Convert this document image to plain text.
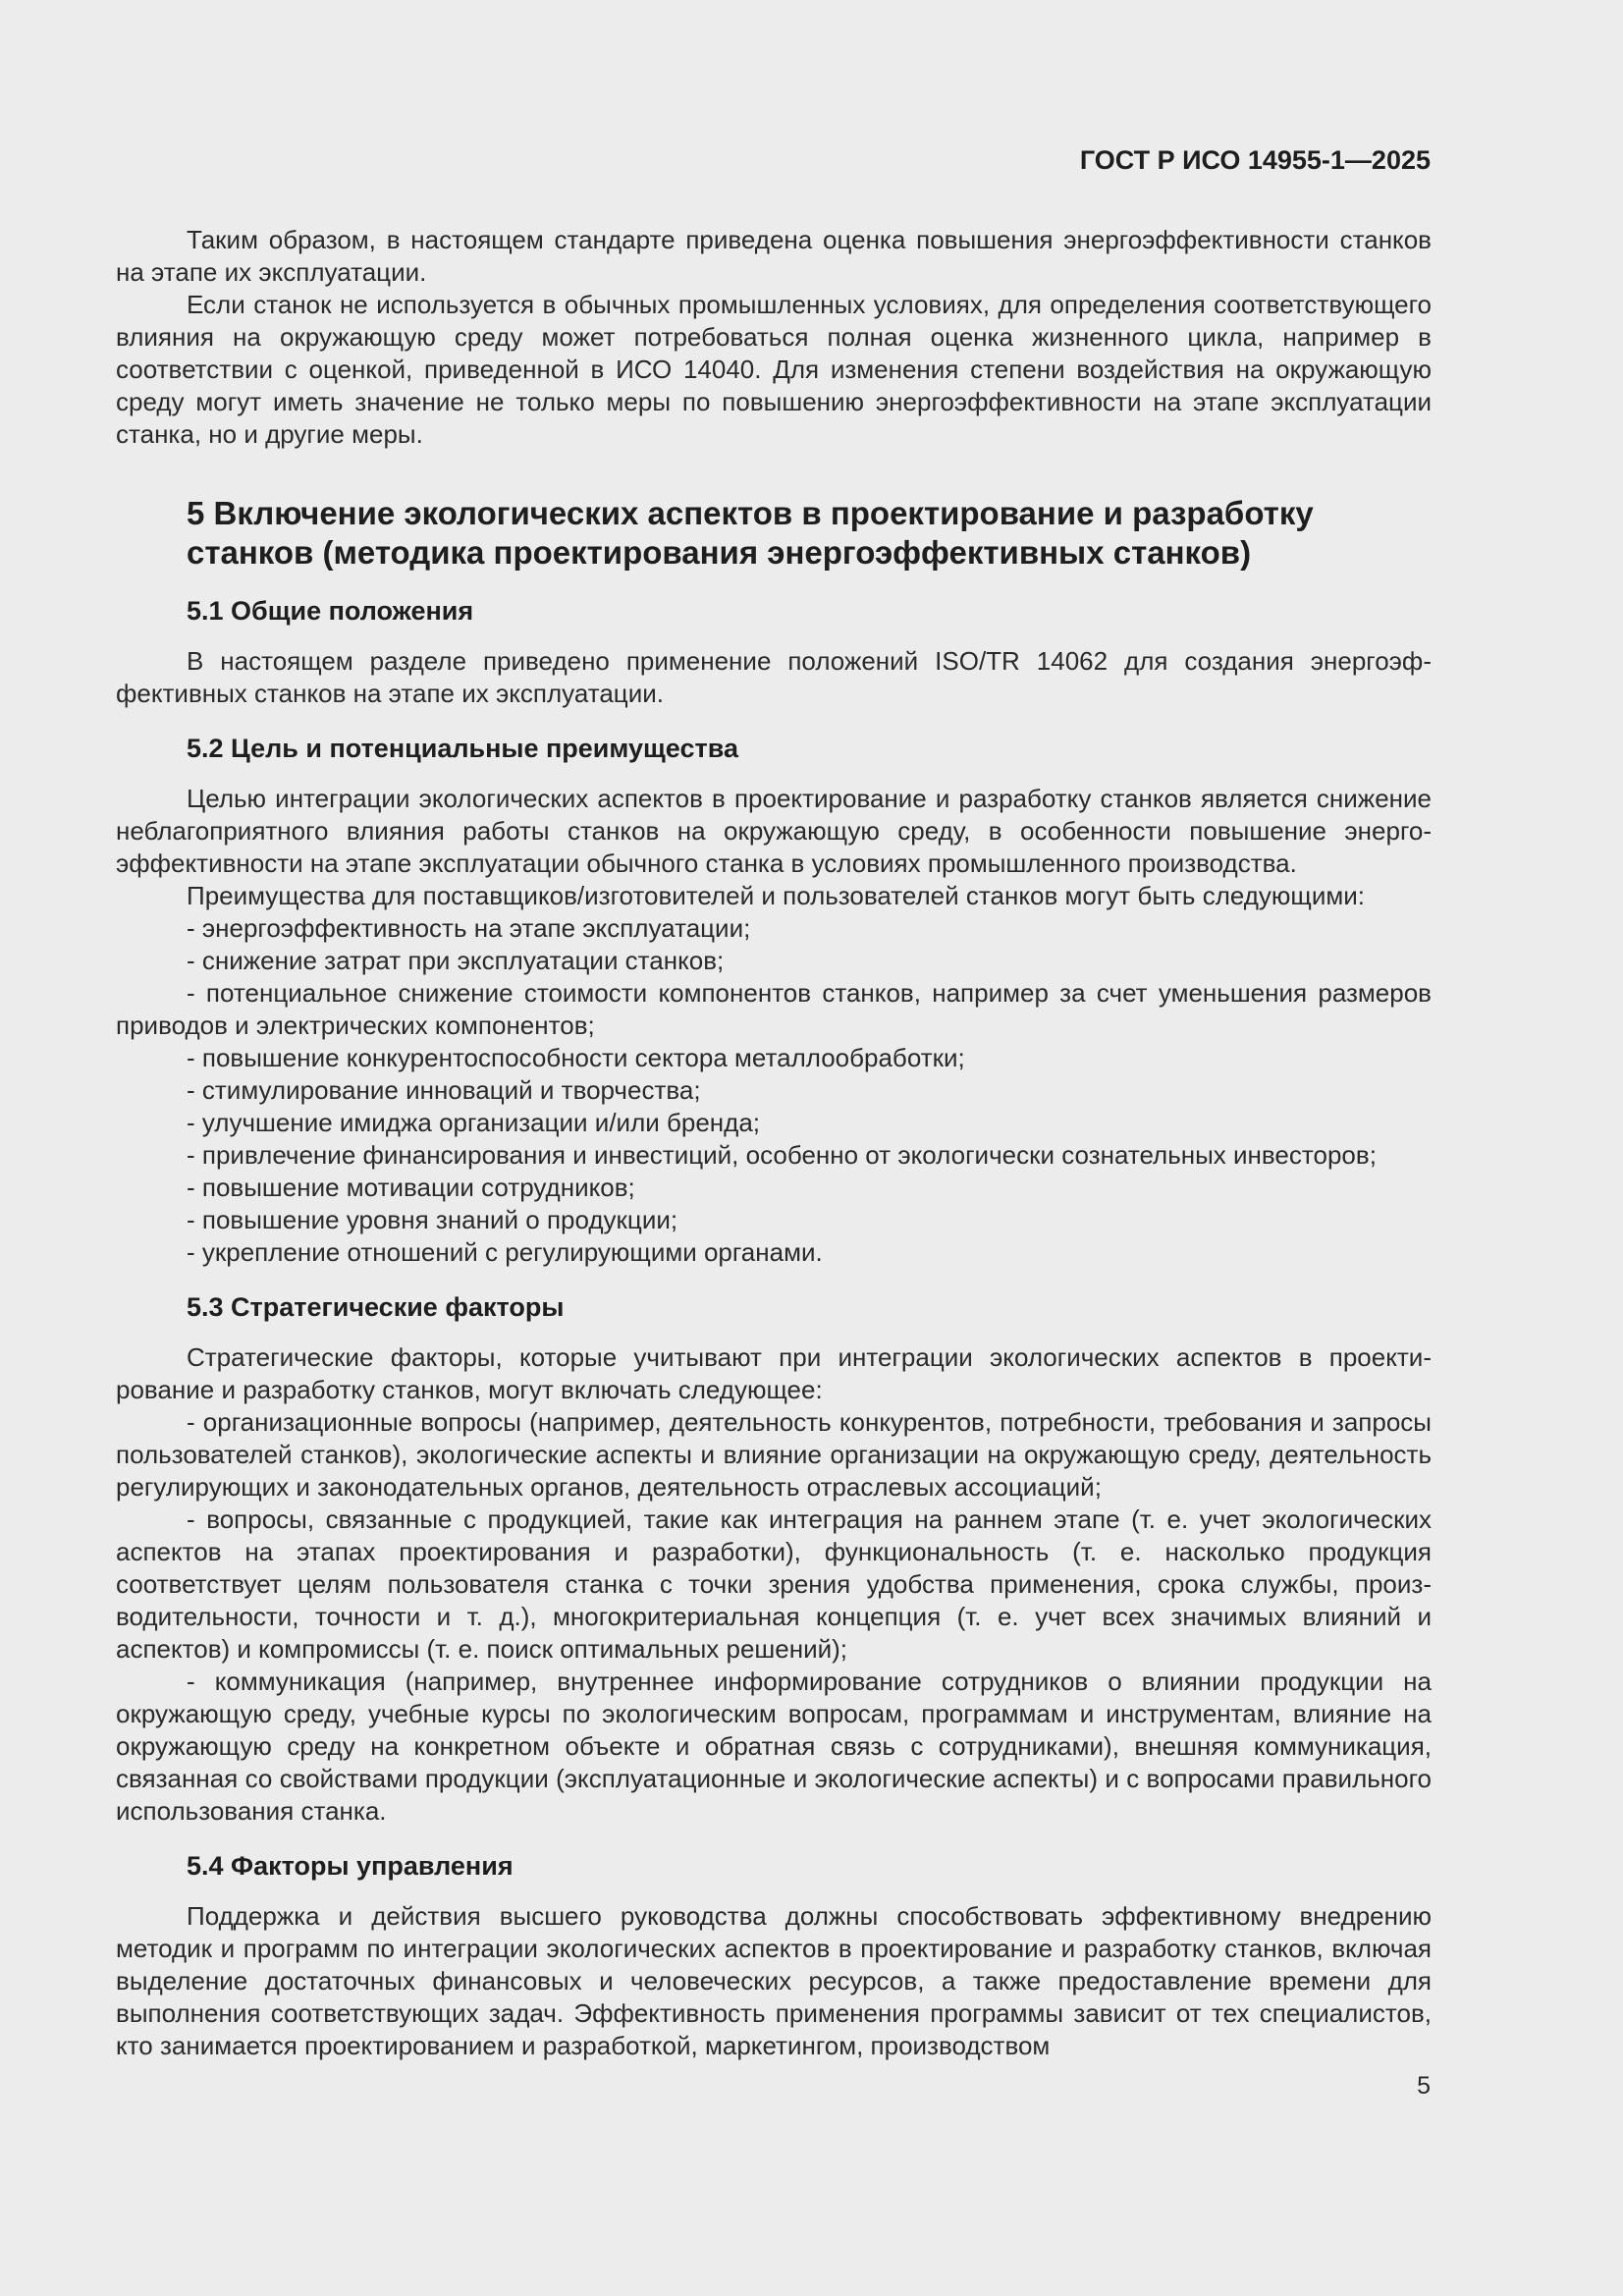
ГОСТ Р ИСО 14955-1—2025

Таким образом, в настоящем стандарте приведена оценка повышения энергоэффективности станков на этапе их эксплуатации.

Если станок не используется в обычных промышленных условиях, для определения соответствующего влияния на окружающую среду может потребоваться полная оценка жизненного цикла, например в соответствии с оценкой, приведенной в ИСО 14040. Для изменения степени воздействия на окружающую среду могут иметь значение не только меры по повышению энергоэффективности на этапе эксплуатации станка, но и другие меры.

5 Включение экологических аспектов в проектирование и разработку станков (методика проектирования энергоэффективных станков)
5.1 Общие положения

В настоящем разделе приведено применение положений ISO/TR 14062 для создания энергоэффективных станков на этапе их эксплуатации.

5.2 Цель и потенциальные преимущества

Целью интеграции экологических аспектов в проектирование и разработку станков является снижение неблагоприятного влияния работы станков на окружающую среду, в особенности повышение энергоэффективности на этапе эксплуатации обычного станка в условиях промышленного производства.

Преимущества для поставщиков/изготовителей и пользователей станков могут быть следующими:

- энергоэффективность на этапе эксплуатации;

- снижение затрат при эксплуатации станков;

- потенциальное снижение стоимости компонентов станков, например за счет уменьшения размеров приводов и электрических компонентов;

- повышение конкурентоспособности сектора металлообработки;

- стимулирование инноваций и творчества;

- улучшение имиджа организации и/или бренда;

- привлечение финансирования и инвестиций, особенно от экологически сознательных инвесторов;

- повышение мотивации сотрудников;

- повышение уровня знаний о продукции;

- укрепление отношений с регулирующими органами.

5.3 Стратегические факторы

Стратегические факторы, которые учитывают при интеграции экологических аспектов в проектирование и разработку станков, могут включать следующее:

- организационные вопросы (например, деятельность конкурентов, потребности, требования и запросы пользователей станков), экологические аспекты и влияние организации на окружающую среду, деятельность регулирующих и законодательных органов, деятельность отраслевых ассоциаций;

- вопросы, связанные с продукцией, такие как интеграция на раннем этапе (т. е. учет экологических аспектов на этапах проектирования и разработки), функциональность (т. е. насколько продукция соответствует целям пользователя станка с точки зрения удобства применения, срока службы, производительности, точности и т. д.), многокритериальная концепция (т. е. учет всех значимых влияний и аспектов) и компромиссы (т. е. поиск оптимальных решений);

- коммуникация (например, внутреннее информирование сотрудников о влиянии продукции на окружающую среду, учебные курсы по экологическим вопросам, программам и инструментам, влияние на окружающую среду на конкретном объекте и обратная связь с сотрудниками), внешняя коммуникация, связанная со свойствами продукции (эксплуатационные и экологические аспекты) и с вопросами правильного использования станка.

5.4 Факторы управления

Поддержка и действия высшего руководства должны способствовать эффективному внедрению методик и программ по интеграции экологических аспектов в проектирование и разработку станков, включая выделение достаточных финансовых и человеческих ресурсов, а также предоставление времени для выполнения соответствующих задач. Эффективность применения программы зависит от тех специалистов, кто занимается проектированием и разработкой, маркетингом, производством

5
